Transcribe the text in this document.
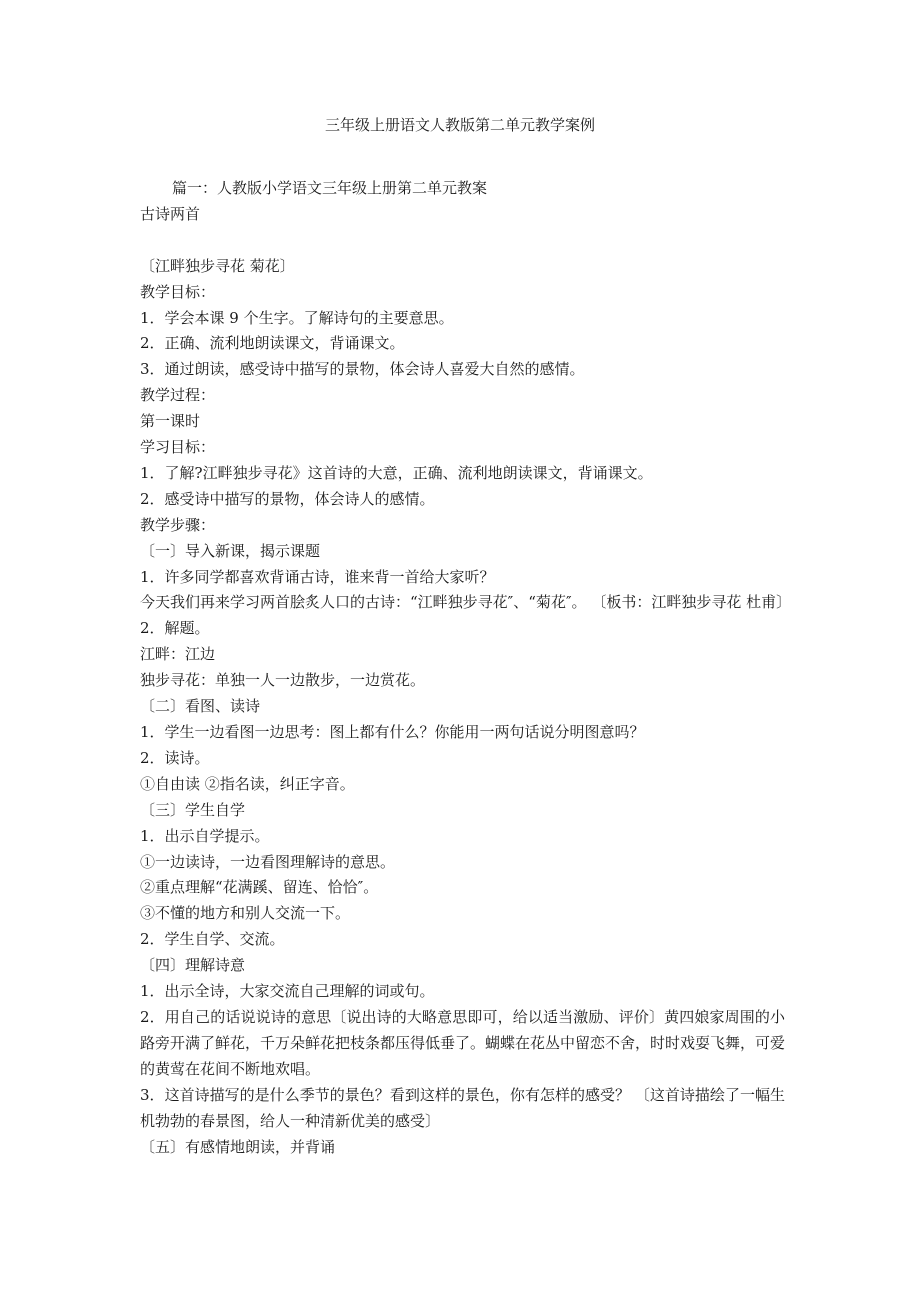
三年级上册语文人教版第二单元教学案例
篇一：人教版小学语文三年级上册第二单元教案
古诗两首
〔江畔独步寻花 菊花〕
教学目标：
1．学会本课 9 个生字。了解诗句的主要意思。
2．正确、流利地朗读课文，背诵课文。
3．通过朗读，感受诗中描写的景物，体会诗人喜爱大自然的感情。
教学过程：
第一课时
学习目标：
1．了解?江畔独步寻花》这首诗的大意，正确、流利地朗读课文，背诵课文。
2．感受诗中描写的景物，体会诗人的感情。
教学步骤：
〔一〕导入新课，揭示课题
1．许多同学都喜欢背诵古诗，谁来背一首给大家听？
今天我们再来学习两首脍炙人口的古诗：“江畔独步寻花″、“菊花″。 〔板书：江畔独步寻花 杜甫〕
2．解题。
江畔：江边
独步寻花：单独一人一边散步，一边赏花。
〔二〕看图、读诗
1．学生一边看图一边思考：图上都有什么？你能用一两句话说分明图意吗？
2．读诗。
①自由读 ②指名读，纠正字音。
〔三〕学生自学
1．出示自学提示。
①一边读诗，一边看图理解诗的意思。
②重点理解“花满蹊、留连、恰恰″。
③不懂的地方和别人交流一下。
2．学生自学、交流。
〔四〕理解诗意
1．出示全诗，大家交流自己理解的词或句。
2．用自己的话说说诗的意思〔说出诗的大略意思即可，给以适当激励、评价〕黄四娘家周围的小路旁开满了鲜花，千万朵鲜花把枝条都压得低垂了。蝴蝶在花丛中留恋不舍，时时戏耍飞舞，可爱的黄莺在花间不断地欢唱。
3．这首诗描写的是什么季节的景色？看到这样的景色，你有怎样的感受？ 〔这首诗描绘了一幅生机勃勃的春景图，给人一种清新优美的感受〕
〔五〕有感情地朗读，并背诵
